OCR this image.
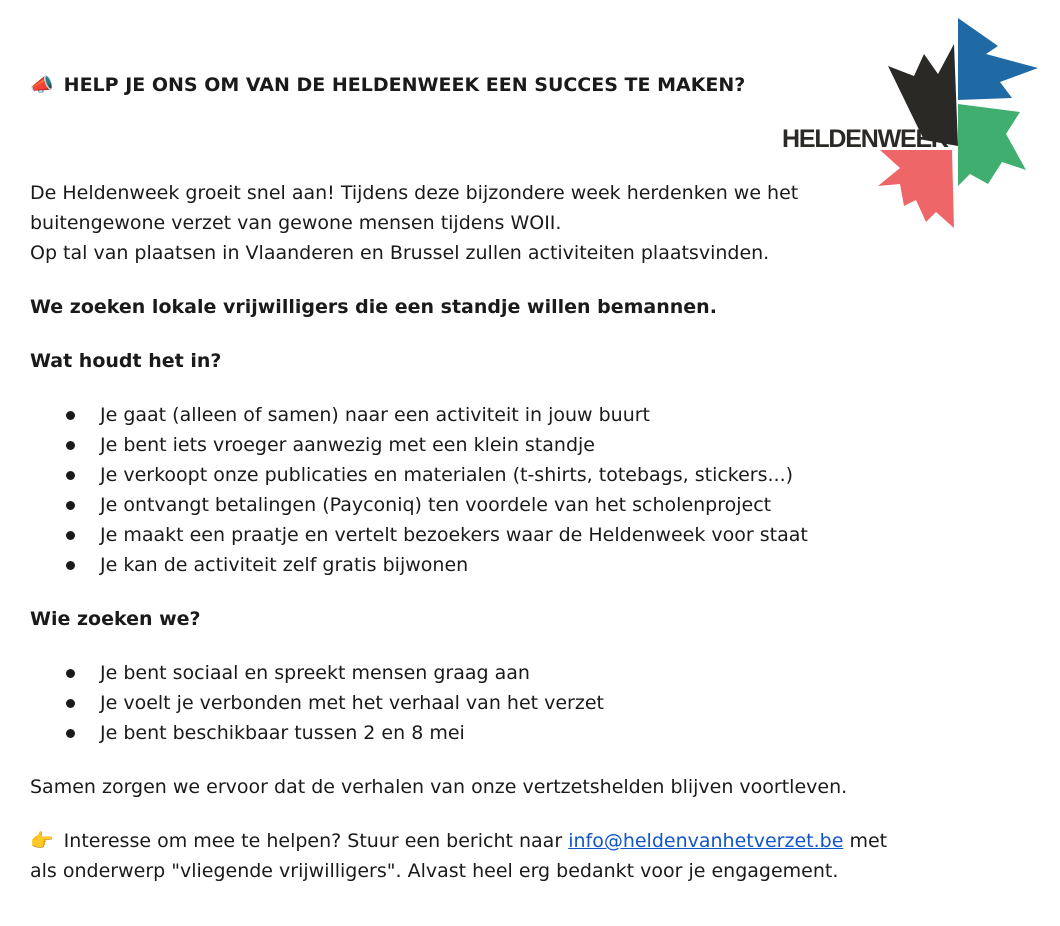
HELDENWEEK
📣 HELP JE ONS OM VAN DE HELDENWEEK EEN SUCCES TE MAKEN?

De Heldenweek groeit snel aan! Tijdens deze bijzondere week herdenken we het
buitengewone verzet van gewone mensen tijdens WOII.
Op tal van plaatsen in Vlaanderen en Brussel zullen activiteiten plaatsvinden.

We zoeken lokale vrijwilligers die een standje willen bemannen.

Wat houdt het in?

Je gaat (alleen of samen) naar een activiteit in jouw buurt
Je bent iets vroeger aanwezig met een klein standje
Je verkoopt onze publicaties en materialen (t-shirts, totebags, stickers...)
Je ontvangt betalingen (Payconiq) ten voordele van het scholenproject
Je maakt een praatje en vertelt bezoekers waar de Heldenweek voor staat
Je kan de activiteit zelf gratis bijwonen

Wie zoeken we?

Je bent sociaal en spreekt mensen graag aan
Je voelt je verbonden met het verhaal van het verzet
Je bent beschikbaar tussen 2 en 8 mei

Samen zorgen we ervoor dat de verhalen van onze vertzetshelden blijven voortleven.

👉 Interesse om mee te helpen? Stuur een bericht naar info@heldenvanhetverzet.be met
als onderwerp "vliegende vrijwilligers". Alvast heel erg bedankt voor je engagement.
